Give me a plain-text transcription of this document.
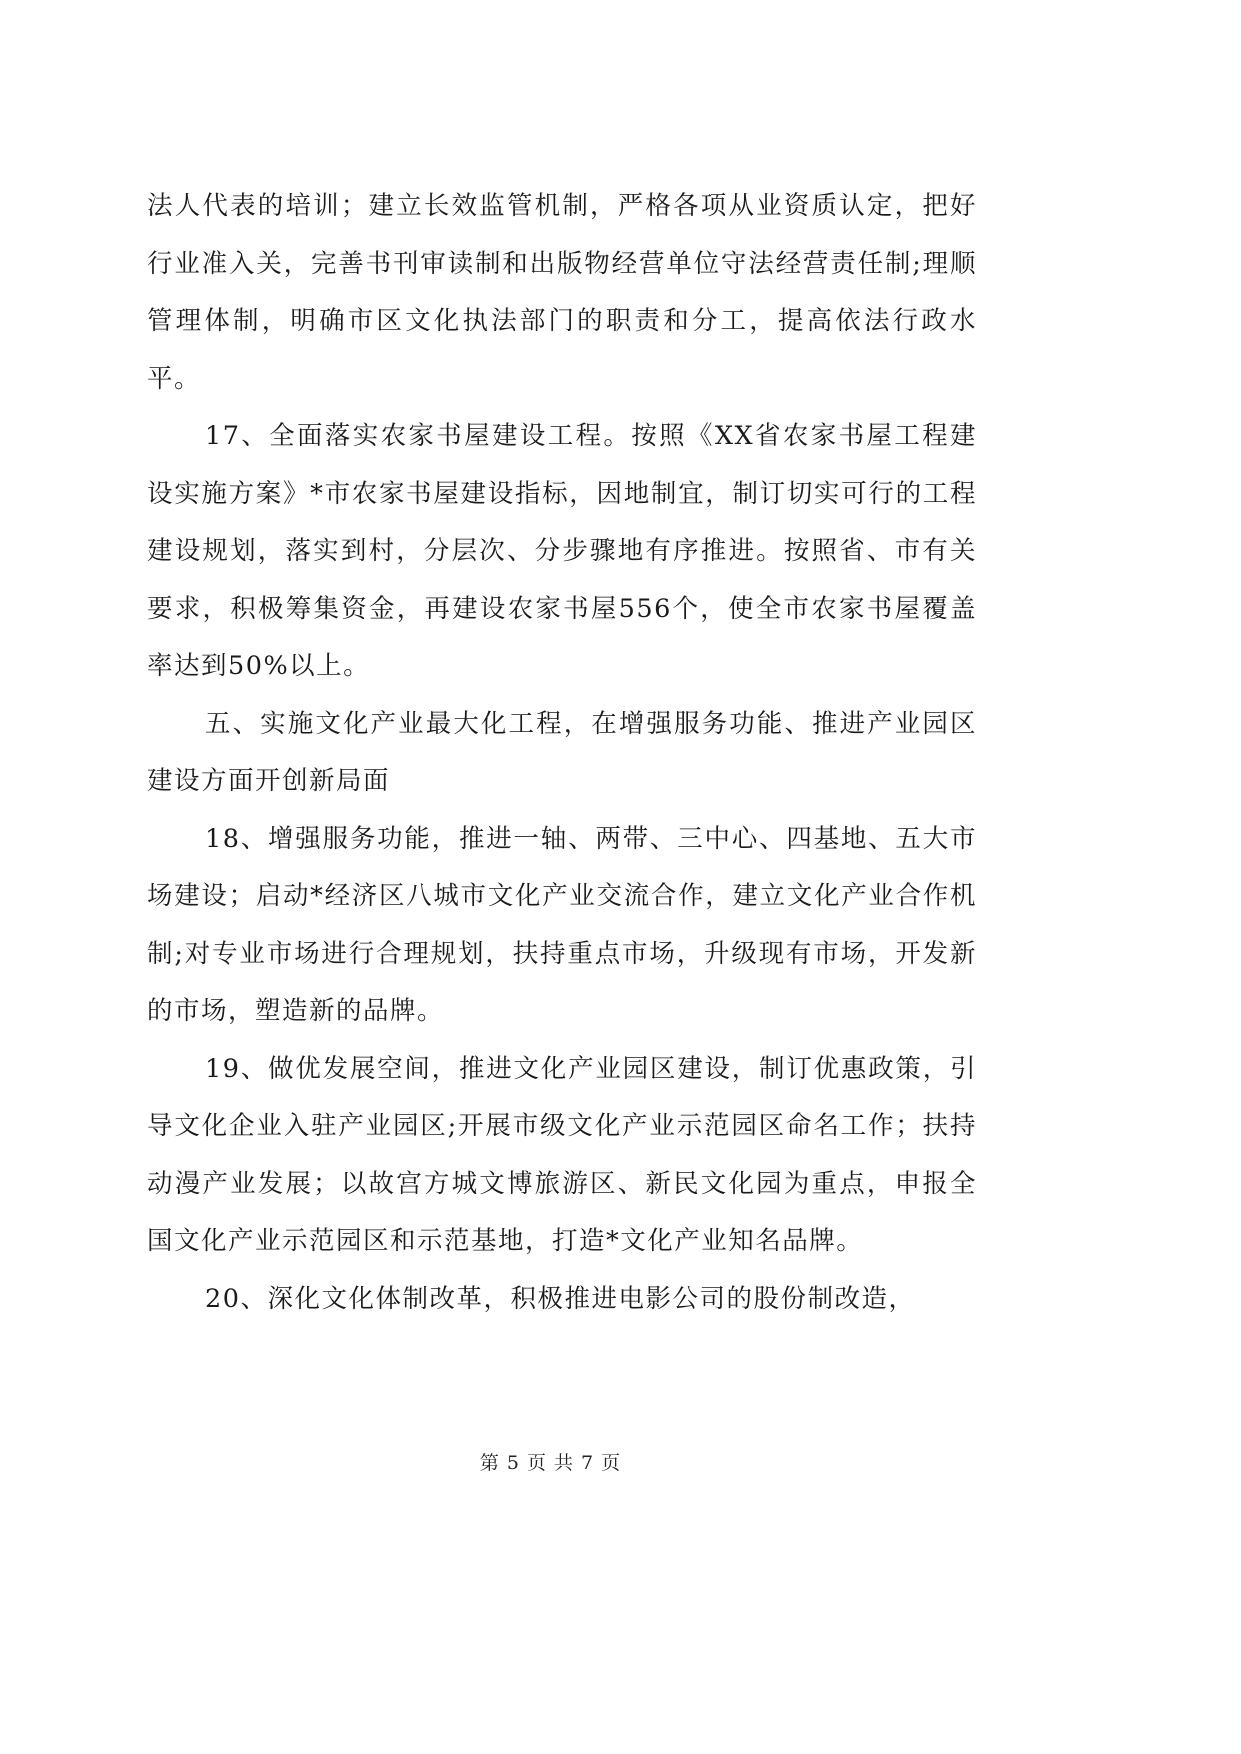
法人代表的培训；建立长效监管机制，严格各项从业资质认定，把好行业准入关，完善书刊审读制和出版物经营单位守法经营责任制;理顺管理体制，明确市区文化执法部门的职责和分工，提高依法行政水平。

17、全面落实农家书屋建设工程。按照《XX省农家书屋工程建设实施方案》*市农家书屋建设指标，因地制宜，制订切实可行的工程建设规划，落实到村，分层次、分步骤地有序推进。按照省、市有关要求，积极筹集资金，再建设农家书屋556个，使全市农家书屋覆盖率达到50%以上。

五、实施文化产业最大化工程，在增强服务功能、推进产业园区建设方面开创新局面

18、增强服务功能，推进一轴、两带、三中心、四基地、五大市场建设；启动*经济区八城市文化产业交流合作，建立文化产业合作机制;对专业市场进行合理规划，扶持重点市场，升级现有市场，开发新的市场，塑造新的品牌。

19、做优发展空间，推进文化产业园区建设，制订优惠政策，引导文化企业入驻产业园区;开展市级文化产业示范园区命名工作；扶持动漫产业发展；以故宫方城文博旅游区、新民文化园为重点，申报全国文化产业示范园区和示范基地，打造*文化产业知名品牌。

20、深化文化体制改革，积极推进电影公司的股份制改造，

第 5 页 共 7 页
